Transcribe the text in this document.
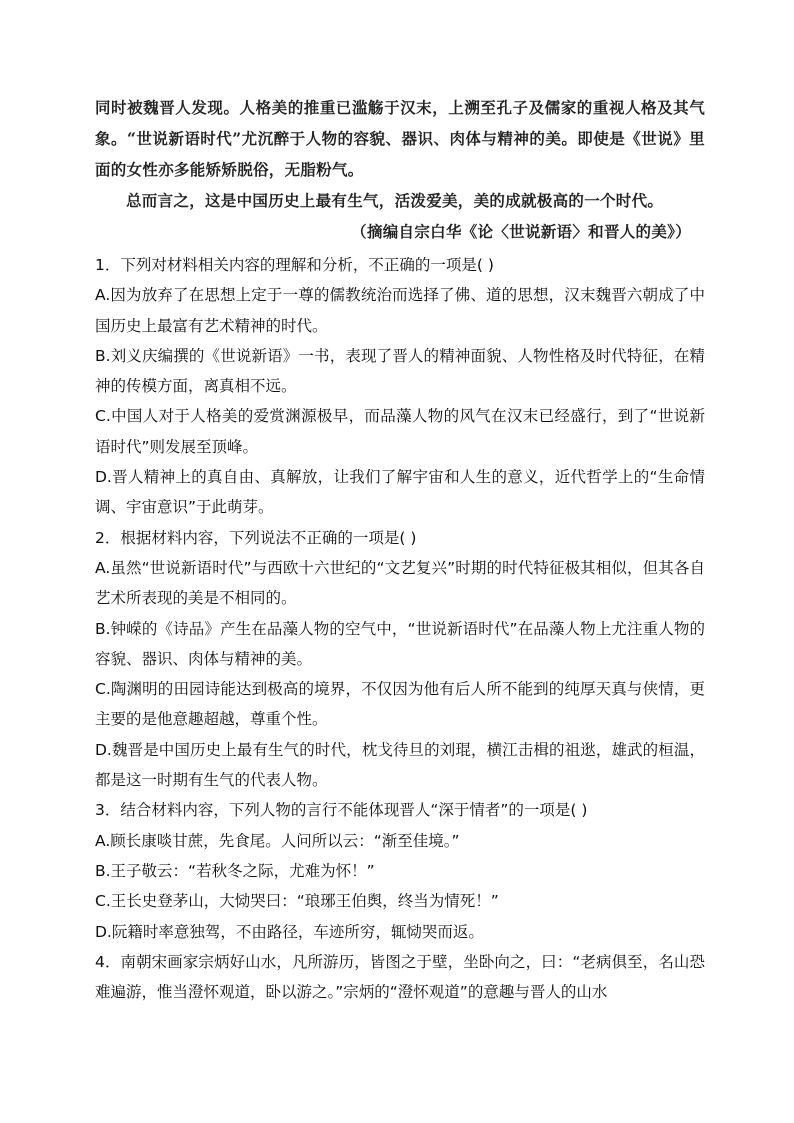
同时被魏晋人发现。人格美的推重已滥觞于汉末，上溯至孔子及儒家的重视人格及其气象。“世说新语时代”尤沉醉于人物的容貌、器识、肉体与精神的美。即使是《世说》里面的女性亦多能矫矫脱俗，无脂粉气。

总而言之，这是中国历史上最有生气，活泼爱美，美的成就极高的一个时代。

（摘编自宗白华《论〈世说新语〉和晋人的美》）

1．下列对材料相关内容的理解和分析，不正确的一项是( )

A.因为放弃了在思想上定于一尊的儒教统治而选择了佛、道的思想，汉末魏晋六朝成了中国历史上最富有艺术精神的时代。

B.刘义庆编撰的《世说新语》一书，表现了晋人的精神面貌、人物性格及时代特征，在精神的传模方面，离真相不远。

C.中国人对于人格美的爱赏渊源极早，而品藻人物的风气在汉末已经盛行，到了“世说新语时代”则发展至顶峰。

D.晋人精神上的真自由、真解放，让我们了解宇宙和人生的意义，近代哲学上的“生命情调、宇宙意识”于此萌芽。

2．根据材料内容，下列说法不正确的一项是( )

A.虽然“世说新语时代”与西欧十六世纪的“文艺复兴”时期的时代特征极其相似，但其各自艺术所表现的美是不相同的。

B.钟嵘的《诗品》产生在品藻人物的空气中，“世说新语时代”在品藻人物上尤注重人物的容貌、器识、肉体与精神的美。

C.陶渊明的田园诗能达到极高的境界，不仅因为他有后人所不能到的纯厚天真与侠情，更主要的是他意趣超越，尊重个性。

D.魏晋是中国历史上最有生气的时代，枕戈待旦的刘琨，横江击楫的祖逖，雄武的桓温，都是这一时期有生气的代表人物。

3．结合材料内容，下列人物的言行不能体现晋人“深于情者”的一项是( )

A.顾长康啖甘蔗，先食尾。人问所以云：“渐至佳境。”

B.王子敬云：“若秋冬之际，尤难为怀！”

C.王长史登茅山，大恸哭曰：“琅琊王伯舆，终当为情死！”

D.阮籍时率意独驾，不由路径，车迹所穷，辄恸哭而返。

4．南朝宋画家宗炳好山水，凡所游历，皆图之于壁，坐卧向之，曰：“老病俱至，名山恐难遍游，惟当澄怀观道，卧以游之。”宗炳的“澄怀观道”的意趣与晋人的山水
